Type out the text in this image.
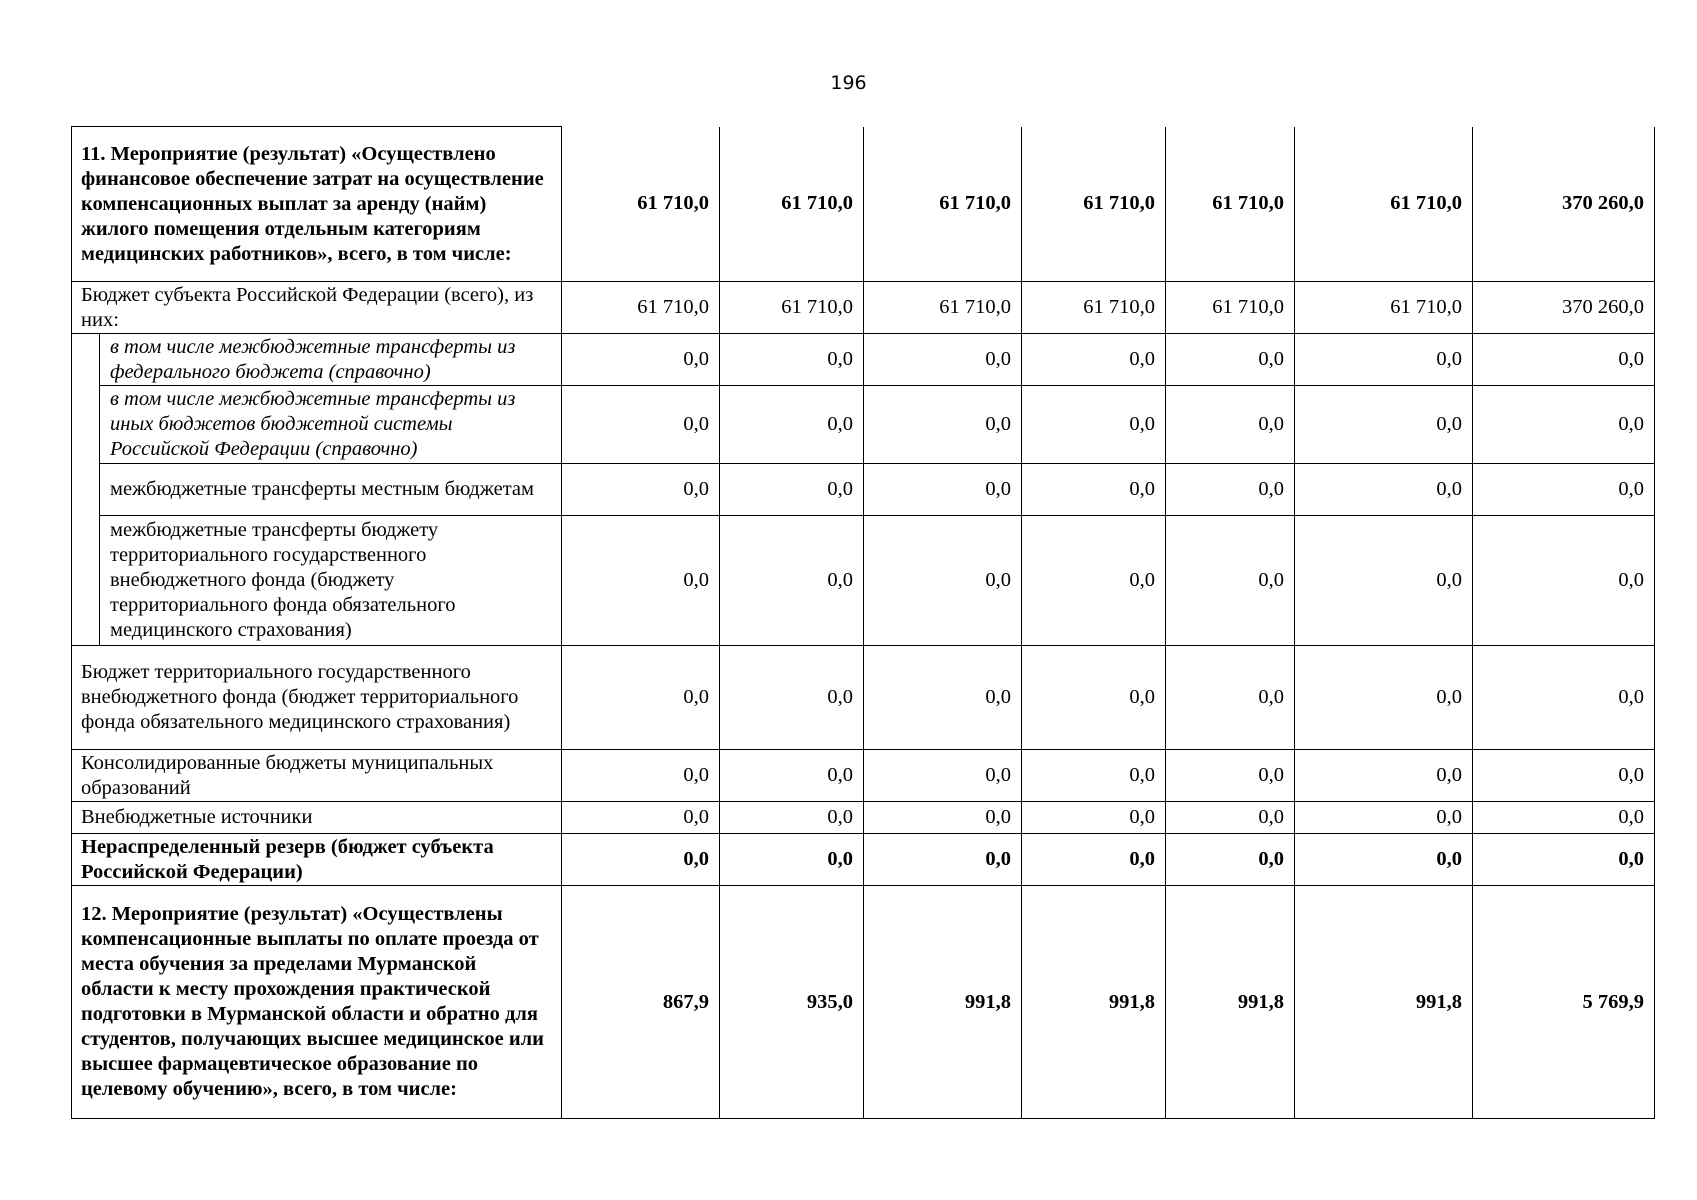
196
11. Мероприятие (результат) «Осуществлено финансовое обеспечение затрат на осуществление компенсационных выплат за аренду (найм) жилого помещения отдельным категориям медицинских работников», всего, в том числе:		61 710,0	61 710,0	61 710,0	61 710,0	61 710,0	61 710,0	370 260,0
Бюджет субъекта Российской Федерации (всего), из них:		61 710,0	61 710,0	61 710,0	61 710,0	61 710,0	61 710,0	370 260,0
	в том числе межбюджетные трансферты из федерального бюджета (справочно)	0,0	0,0	0,0	0,0	0,0	0,0	0,0
	в том числе межбюджетные трансферты из иных бюджетов бюджетной системы Российской Федерации (справочно)	0,0	0,0	0,0	0,0	0,0	0,0	0,0
	межбюджетные трансферты местным бюджетам	0,0	0,0	0,0	0,0	0,0	0,0	0,0
	межбюджетные трансферты бюджету территориального государственного внебюджетного фонда (бюджету территориального фонда обязательного медицинского страхования)	0,0	0,0	0,0	0,0	0,0	0,0	0,0
Бюджет территориального государственного внебюджетного фонда (бюджет территориального фонда обязательного медицинского страхования)		0,0	0,0	0,0	0,0	0,0	0,0	0,0
Консолидированные бюджеты муниципальных образований		0,0	0,0	0,0	0,0	0,0	0,0	0,0
Внебюджетные источники		0,0	0,0	0,0	0,0	0,0	0,0	0,0
Нераспределенный резерв (бюджет субъекта Российской Федерации)		0,0	0,0	0,0	0,0	0,0	0,0	0,0
12. Мероприятие (результат) «Осуществлены компенсационные выплаты по оплате проезда от места обучения за пределами Мурманской области к месту прохождения практической подготовки в Мурманской области и обратно для студентов, получающих высшее медицинское или высшее фармацевтическое образование по целевому обучению», всего, в том числе:		867,9	935,0	991,8	991,8	991,8	991,8	5 769,9
